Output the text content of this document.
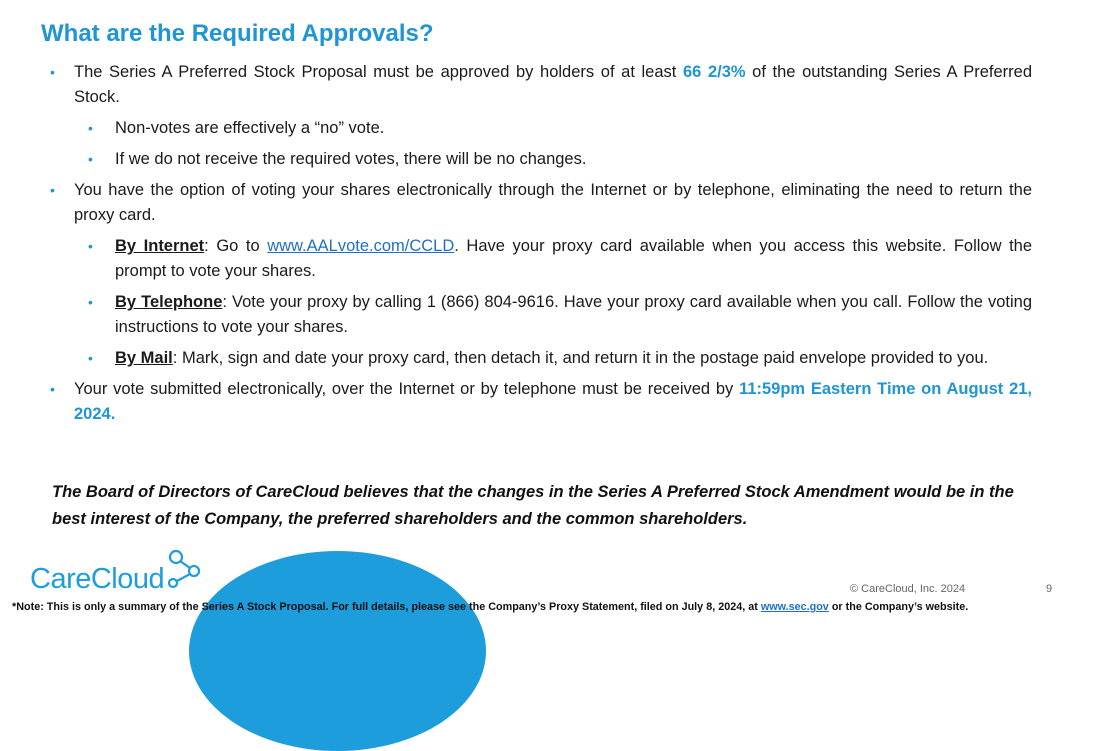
What are the Required Approvals?
• The Series A Preferred Stock Proposal must be approved by holders of at least 66 2/3% of the outstanding Series A Preferred Stock.
• Non-votes are effectively a “no” vote.
• If we do not receive the required votes, there will be no changes.
• You have the option of voting your shares electronically through the Internet or by telephone, eliminating the need to return the proxy card.
• By Internet: Go to www.AALvote.com/CCLD. Have your proxy card available when you access this website. Follow the prompt to vote your shares.
• By Telephone: Vote your proxy by calling 1 (866) 804-9616. Have your proxy card available when you call. Follow the voting instructions to vote your shares.
• By Mail: Mark, sign and date your proxy card, then detach it, and return it in the postage paid envelope provided to you.
• Your vote submitted electronically, over the Internet or by telephone must be received by 11:59pm Eastern Time on August 21, 2024.
The Board of Directors of CareCloud believes that the changes in the Series A Preferred Stock Amendment would be in the best interest of the Company, the preferred shareholders and the common shareholders.
CareCloud	© CareCloud, Inc. 2024	9
*Note: This is only a summary of the Series A Stock Proposal. For full details, please see the Company’s Proxy Statement, filed on July 8, 2024, at www.sec.gov or the Company’s website.
